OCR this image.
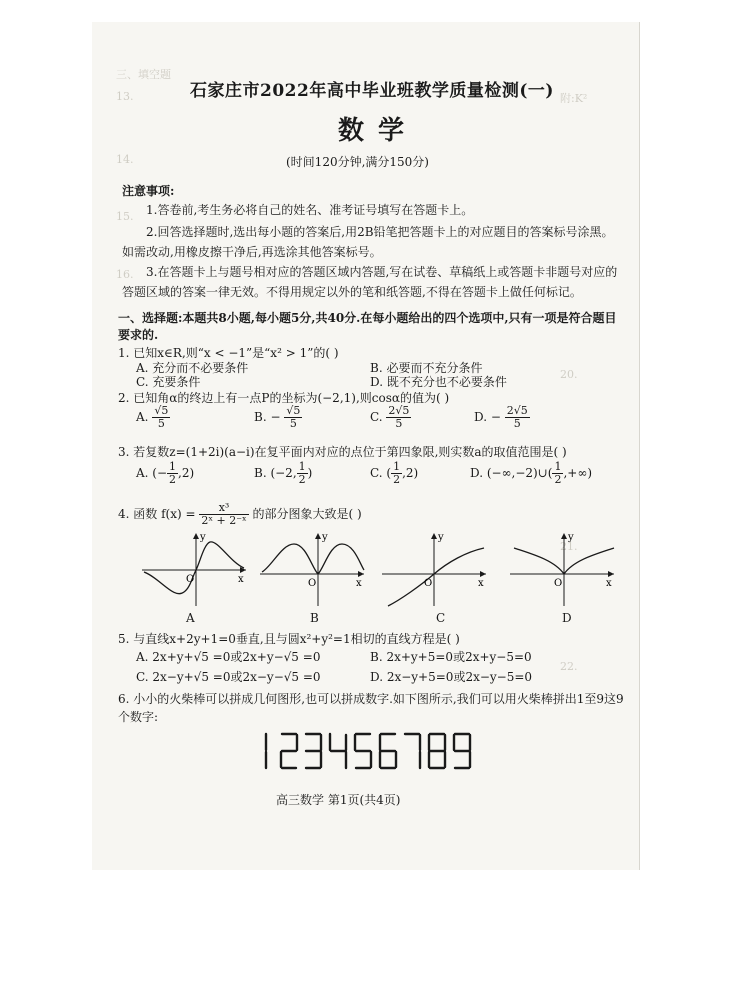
三、填空题
13.	附:K²
14.
15.
16.
20.
21.
22.
石家庄市2022年高中毕业班教学质量检测(一)
数学
(时间120分钟,满分150分)
注意事项:
1.答卷前,考生务必将自己的姓名、准考证号填写在答题卡上。
2.回答选择题时,选出每小题的答案后,用2B铅笔把答题卡上的对应题目的答案标号涂黑。如需改动,用橡皮擦干净后,再选涂其他答案标号。
3.在答题卡上与题号相对应的答题区域内答题,写在试卷、草稿纸上或答题卡非题号对应的答题区域的答案一律无效。不得用规定以外的笔和纸答题,不得在答题卡上做任何标记。
一、选择题:本题共8小题,每小题5分,共40分.在每小题给出的四个选项中,只有一项是符合题目要求的.
1. 已知x∈R,则“x < −1”是“x² > 1”的( )
A. 充分而不必要条件	B. 必要而不充分条件
C. 充要条件	D. 既不充分也不必要条件
2. 已知角α的终边上有一点P的坐标为(−2,1),则cosα的值为( )
A. $\frac{√5}{5}$	B. − $\frac{√5}{5}$	C. $\frac{2√5}{5}$	D. − $\frac{2√5}{5}$
3. 若复数z=(1+2i)(a−i)在复平面内对应的点位于第四象限,则实数a的取值范围是( )
A. (− $\frac{1}{2} ,2$)	B. (−2, $\frac{1}{2}$ )	C. ( $\frac{1}{2} ,2$)	D. (−∞,−2)∪( $\frac{1}{2}$ ,+∞)
4. 函数 $f(x) = \frac{\text{x³}}{\text{2ˣ + 2⁻ˣ}}$ 的部分图象大致是( )
x
y
O
A
x
y
O
B
x
y
O
C
x
y
O
D
5. 与直线x+2y+1=0垂直,且与圆x²+y²=1相切的直线方程是( )
A. 2x+y+√5 =0或2x+y−√5 =0	B. 2x+y+5=0或2x+y−5=0
C. 2x−y+√5 =0或2x−y−√5 =0	D. 2x−y+5=0或2x−y−5=0
6. 小小的火柴棒可以拼成几何图形,也可以拼成数字.如下图所示,我们可以用火柴棒拼出1至9这9个数字:
高三数学 第1页(共4页)
